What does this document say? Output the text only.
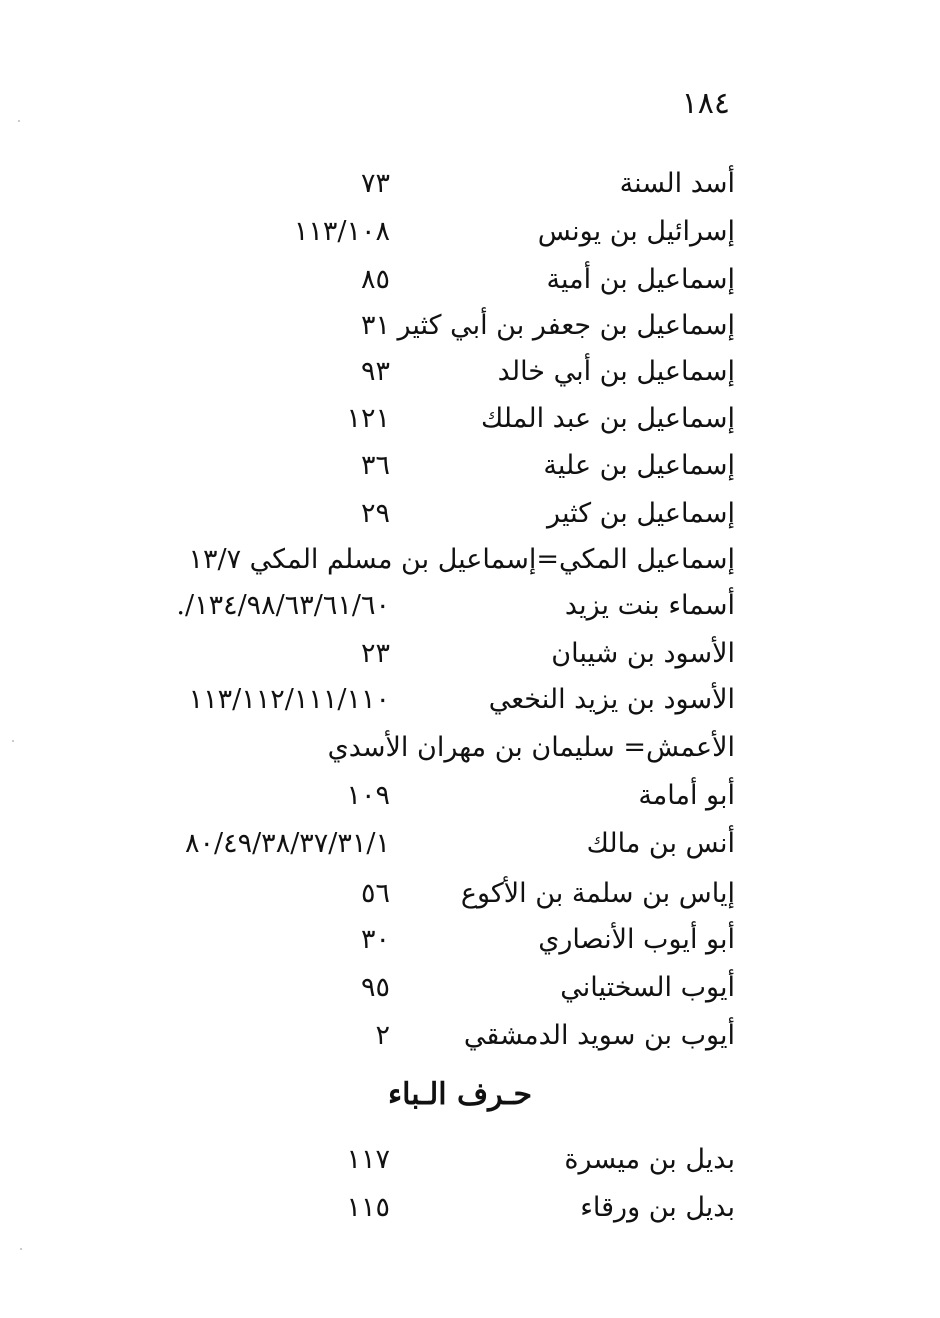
١٨٤
أسد السنة
٧٣
إسرائيل بن يونس
١١٣/١٠٨
إسماعيل بن أمية
٨٥
إسماعيل بن جعفر بن أبي كثير
٣١
إسماعيل بن أبي خالد
٩٣
إسماعيل بن عبد الملك
١٢١
إسماعيل بن علية
٣٦
إسماعيل بن كثير
٢٩
إسماعيل المكي=إسماعيل بن مسلم المكي ١٣/٧
أسماء بنت يزيد
١٣٤/٩٨/٦٣/٦١/٦٠/.
الأسود بن شيبان
٢٣
الأسود بن يزيد النخعي
١١٣/١١٢/١١١/١١٠
الأعمش= سليمان بن مهران الأسدي
أبو أمامة
١٠٩
أنس بن مالك
٨٠/٤٩/٣٨/٣٧/٣١/١
إياس بن سلمة بن الأكوع
٥٦
أبو أيوب الأنصاري
٣٠
أيوب السختياني
٩٥
أيوب بن سويد الدمشقي
٢
حـرف الـباء
بديل بن ميسرة
١١٧
بديل بن ورقاء
١١٥
